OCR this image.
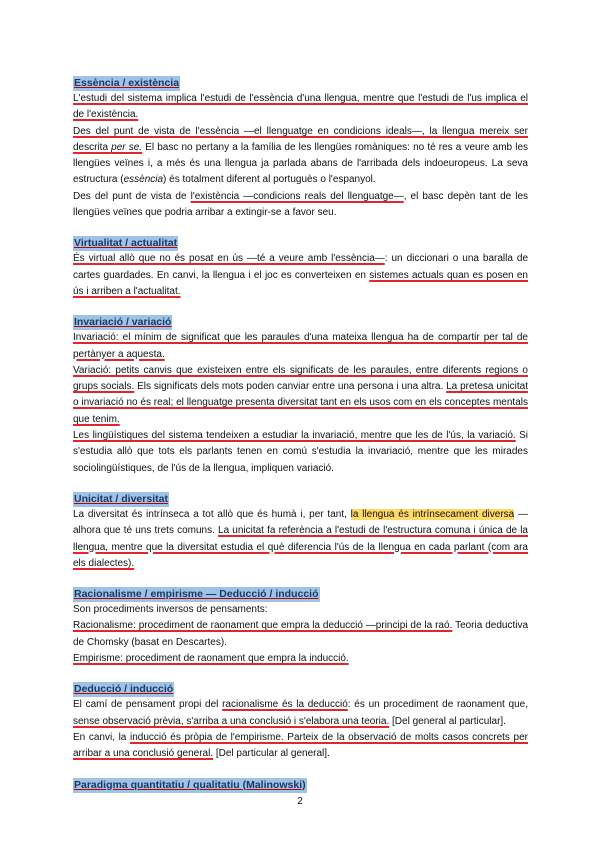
Essència / existència

L'estudi del sistema implica l'estudi de l'essència d'una llengua, mentre que l'estudi de l'us implica el de l'existència.

Des del punt de vista de l'essència —el llenguatge en condicions ideals—, la llengua mereix ser descrita per se. El basc no pertany a la família de les llengües romàniques: no té res a veure amb les llengües veïnes i, a més és una llengua ja parlada abans de l'arribada dels indoeuropeus. La seva estructura (essència) és totalment diferent al portuguès o l'espanyol.

Des del punt de vista de l'existència —condicions reals del llenguatge—, el basc depèn tant de les llengües veïnes que podria arribar a extingir-se a favor seu.

Virtualitat / actualitat

És virtual allò que no és posat en ús —té a veure amb l'essència—: un diccionari o una baralla de cartes guardades. En canvi, la llengua i el joc es converteixen en sistemes actuals quan es posen en ús i arriben a l'actualitat.

Invariació / variació

Invariació: el mínim de significat que les paraules d'una mateixa llengua ha de compartir per tal de pertànyer a aquesta.

Variació: petits canvis que existeixen entre els significats de les paraules, entre diferents regions o grups socials. Els significats dels mots poden canviar entre una persona i una altra. La pretesa unicitat o invariació no és real; el llenguatge presenta diversitat tant en els usos com en els conceptes mentals que tenim.

Les lingüístiques del sistema tendeixen a estudiar la invariació, mentre que les de l'ús, la variació. Si s'estudia allò que tots els parlants tenen en comú s'estudia la invariació, mentre que les mirades sociolingüístiques, de l'ús de la llengua, impliquen variació.

Unicitat / diversitat

La diversitat és intrínseca a tot allò que és humà i, per tant, la llengua és intrínsecament diversa —alhora que té uns trets comuns. La unicitat fa referència a l'estudi de l'estructura comuna i única de la llengua, mentre que la diversitat estudia el què diferencia l'ús de la llengua en cada parlant (com ara els dialectes).

Racionalisme / empirisme — Deducció / inducció

Son procediments inversos de pensaments:

Racionalisme: procediment de raonament que empra la deducció —principi de la raó. Teoria deductiva de Chomsky (basat en Descartes).

Empirisme: procediment de raonament que empra la inducció.

Deducció / inducció

El camí de pensament propi del racionalisme és la deducció: és un procediment de raonament que, sense observació prèvia, s'arriba a una conclusió i s'elabora una teoria. [Del general al particular].

En canvi, la inducció és pròpia de l'empirisme. Parteix de la observació de molts casos concrets per arribar a una conclusió general. [Del particular al general].

Paradigma quantitatiu / qualitatiu (Malinowski)
2
